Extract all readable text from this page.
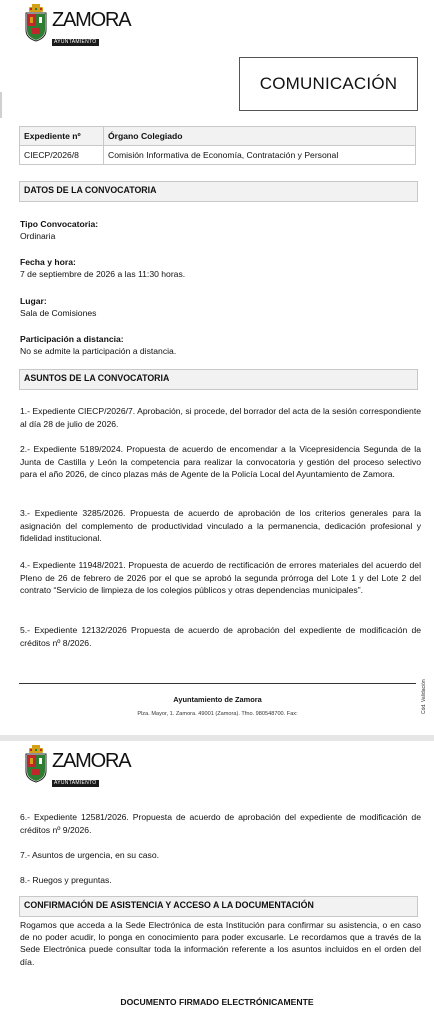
ZAMORA
AYUNTAMIENTO
COMUNICACIÓN
Expediente nº	Órgano Colegiado
CIECP/2026/8	Comisión Informativa de Economía, Contratación y Personal
DATOS DE LA CONVOCATORIA
Tipo Convocatoria:
Ordinaria
Fecha y hora:
7 de septiembre de 2026 a las 11:30 horas.
Lugar:
Sala de Comisiones
Participación a distancia:
No se admite la participación a distancia.
ASUNTOS DE LA CONVOCATORIA
1.- Expediente CIECP/2026/7. Aprobación, si procede, del borrador del acta de la sesión correspondiente al día 28 de julio de 2026.
2.- Expediente 5189/2024. Propuesta de acuerdo de encomendar a la Vicepresidencia Segunda de la Junta de Castilla y León la competencia para realizar la convocatoria y gestión del proceso selectivo para el año 2026, de cinco plazas más de Agente de la Policía Local del Ayuntamiento de Zamora.
3.- Expediente 3285/2026. Propuesta de acuerdo de aprobación de los criterios generales para la asignación del complemento de productividad vinculado a la permanencia, dedicación profesional y fidelidad institucional.
4.- Expediente 11948/2021. Propuesta de acuerdo de rectificación de errores materiales del acuerdo del Pleno de 26 de febrero de 2026 por el que se aprobó la segunda prórroga del Lote 1 y del Lote 2 del contrato “Servicio de limpieza de los colegios públicos y otras dependencias municipales”.
5.- Expediente 12132/2026 Propuesta de acuerdo de aprobación del expediente de modificación de créditos nº 8/2026.
Ayuntamiento de Zamora
Plza. Mayor, 1. Zamora. 49001 (Zamora). Tfno. 980548700. Fax:	Cód. Validación
ZAMORA
AYUNTAMIENTO
6.- Expediente 12581/2026. Propuesta de acuerdo de aprobación del expediente de modificación de créditos nº 9/2026.
7.- Asuntos de urgencia, en su caso.
8.- Ruegos y preguntas.
CONFIRMACIÓN DE ASISTENCIA Y ACCESO A LA DOCUMENTACIÓN
Rogamos que acceda a la Sede Electrónica de esta Institución para confirmar su asistencia, o en caso de no poder acudir, lo ponga en conocimiento para poder excusarle. Le recordamos que a través de la Sede Electrónica puede consultar toda la información referente a los asuntos incluidos en el orden del día.
DOCUMENTO FIRMADO ELECTRÓNICAMENTE
